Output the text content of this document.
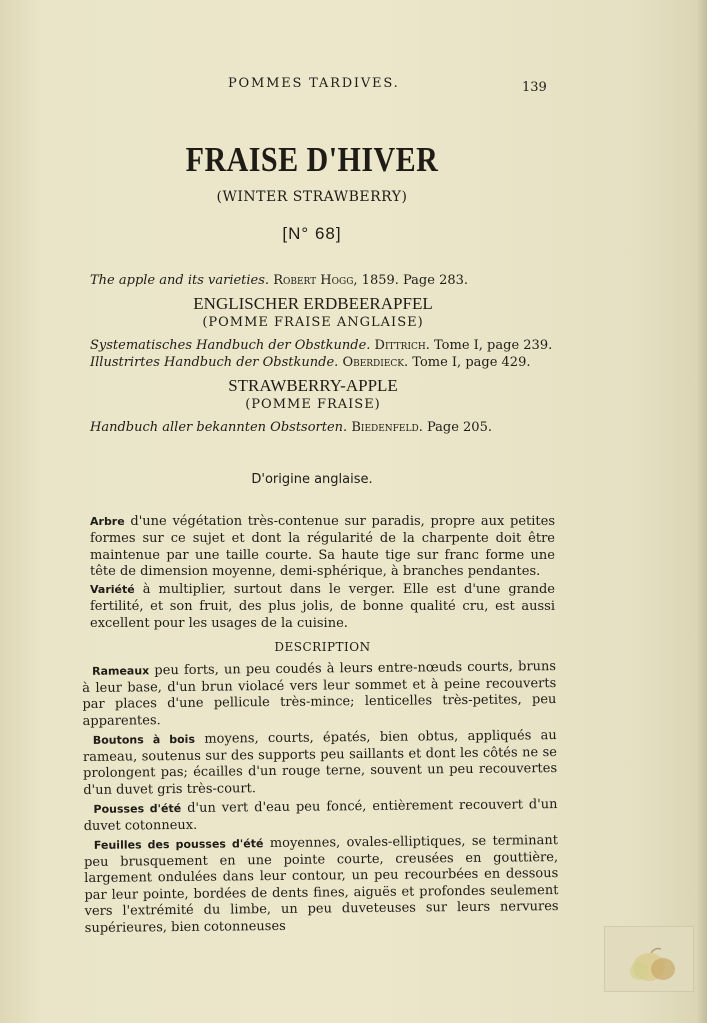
POMMES TARDIVES.	139
FRAISE D'HIVER
(WINTER STRAWBERRY)
[N° 68]
The apple and its varieties. Robert Hogg, 1859. Page 283.
ENGLISCHER ERDBEERAPFEL
(POMME FRAISE ANGLAISE)
Systematisches Handbuch der Obstkunde. Dittrich. Tome I, page 239.
Illustrirtes Handbuch der Obstkunde. Oberdieck. Tome I, page 429.
STRAWBERRY-APPLE
(POMME FRAISE)
Handbuch aller bekannten Obstsorten. Biedenfeld. Page 205.
D'origine anglaise.

Arbre d'une végétation très-contenue sur paradis, propre aux petites formes sur ce sujet et dont la régularité de la charpente doit être maintenue par une taille courte. Sa haute tige sur franc forme une tête de dimension moyenne, demi-sphérique, à branches pendantes.

Variété à multiplier, surtout dans le verger. Elle est d'une grande fertilité, et son fruit, des plus jolis, de bonne qualité cru, est aussi excellent pour les usages de la cuisine.

DESCRIPTION

Rameaux peu forts, un peu coudés à leurs entre-nœuds courts, bruns à leur base, d'un brun violacé vers leur sommet et à peine recouverts par places d'une pellicule très-mince; lenticelles très-petites, peu apparentes.

Boutons à bois moyens, courts, épatés, bien obtus, appliqués au rameau, soutenus sur des supports peu saillants et dont les côtés ne se prolongent pas; écailles d'un rouge terne, souvent un peu recouvertes d'un duvet gris très-court.

Pousses d'été d'un vert d'eau peu foncé, entièrement recouvert d'un duvet cotonneux.

Feuilles des pousses d'été moyennes, ovales-elliptiques, se terminant peu brusquement en une pointe courte, creusées en gouttière, largement ondulées dans leur contour, un peu recourbées en dessous par leur pointe, bordées de dents fines, aiguës et profondes seulement vers l'extrémité du limbe, un peu duveteuses sur leurs nervures supérieures, bien cotonneuses
